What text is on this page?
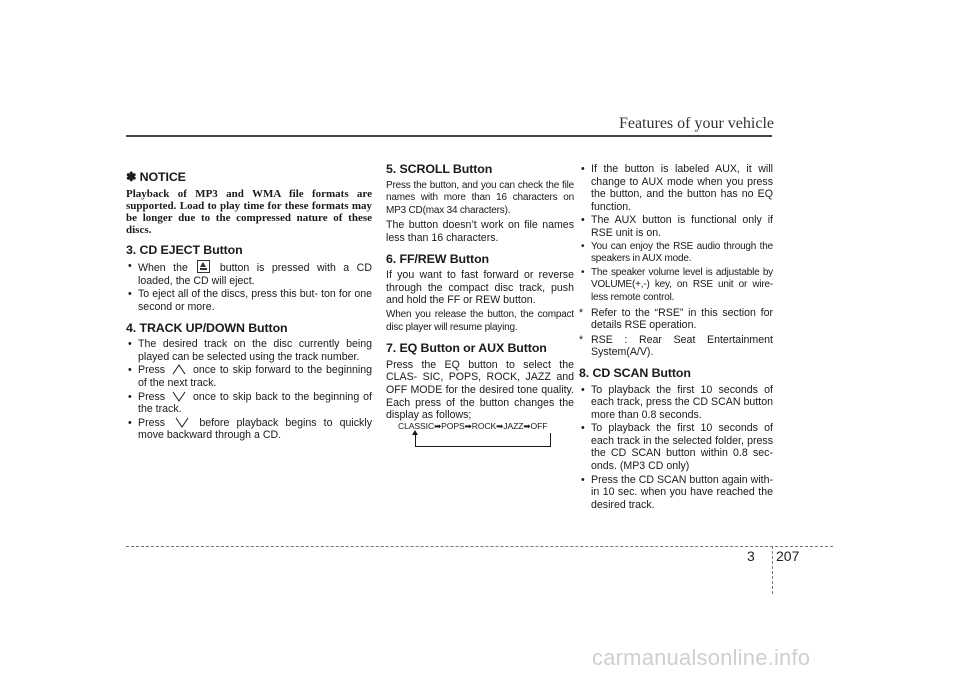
Features of your vehicle
✽ NOTICE

Playback of MP3 and WMA file formats are supported. Load to play time for these formats may be longer due to the compressed nature of these discs.

3. CD EJECT Button
• When the	button is pressed with a CD loaded, the CD will eject.
• To eject all of the discs, press this but- ton for one second or more.
4. TRACK UP/DOWN Button
• The desired track on the disc currently being played can be selected using the track number.
• Press	once to skip forward to the beginning of the next track.
• Press	once to skip back to the beginning of the track.
• Press	before playback begins to quickly move backward through a CD.
5. SCROLL Button

Press the button, and you can check the file names with more than 16 characters on MP3 CD(max 34 characters).

The button doesn’t work on file names less than 16 characters.

6. FF/REW Button

If you want to fast forward or reverse through the compact disc track, push and hold the FF or REW button.

When you release the button, the compact disc player will resume playing.

7. EQ Button or AUX Button

Press the EQ button to select the CLAS- SIC, POPS, ROCK, JAZZ and OFF MODE for the desired tone quality. Each press of the button changes the display as follows;

CLASSIC➡POPS➡ROCK➡JAZZ➡OFF
• If the button is labeled AUX, it will change to AUX mode when you press the button, and the button has no EQ function.
• The AUX button is functional only if RSE unit is on.
• You can enjoy the RSE audio through the speakers in AUX mode.
• The speaker volume level is adjustable by VOLUME(+,-) key, on RSE unit or wire- less remote control.
* Refer to the “RSE” in this section for details RSE operation.
* RSE : Rear Seat Entertainment System(A/V).
8. CD SCAN Button
• To playback the first 10 seconds of each track, press the CD SCAN button more than 0.8 seconds.
• To playback the first 10 seconds of each track in the selected folder, press the CD SCAN button within 0.8 sec- onds. (MP3 CD only)
• Press the CD SCAN button again with- in 10 sec. when you have reached the desired track.
3 207
carmanualsonline.info
